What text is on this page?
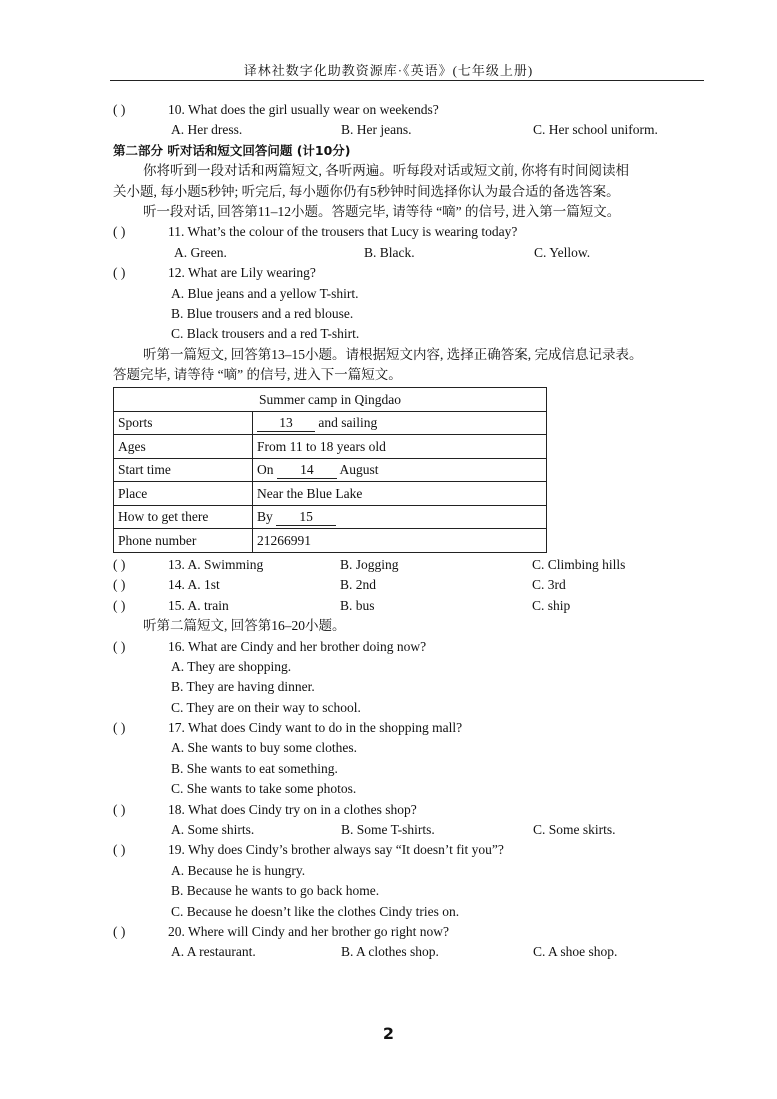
译林社数字化助教资源库·《英语》(七年级上册)
( )	10. What does the girl usually wear on weekends?
A. Her dress.	B. Her jeans.	C. Her school uniform.
第二部分 听对话和短文回答问题 (计10分)
你将听到一段对话和两篇短文, 各听两遍。听每段对话或短文前, 你将有时间阅读相
关小题, 每小题5秒钟; 听完后, 每小题你仍有5秒钟时间选择你认为最合适的备选答案。
听一段对话, 回答第11–12小题。答题完毕, 请等待 “嘀” 的信号, 进入第一篇短文。
( )	11. What’s the colour of the trousers that Lucy is wearing today?
A. Green.	B. Black.	C. Yellow.
( )	12. What are Lily wearing?
A. Blue jeans and a yellow T-shirt.
B. Blue trousers and a red blouse.
C. Black trousers and a red T-shirt.
听第一篇短文, 回答第13–15小题。请根据短文内容, 选择正确答案, 完成信息记录表。
答题完毕, 请等待 “嘀” 的信号, 进入下一篇短文。
Summer camp in Qingdao	
Sports	13 and sailing
Ages	From 11 to 18 years old
Start time	On 14 August
Place	Near the Blue Lake
How to get there	By 15
Phone number	21266991
( )	13. A. Swimming	B. Jogging	C. Climbing hills
( )	14. A. 1st	B. 2nd	C. 3rd
( )	15. A. train	B. bus	C. ship
听第二篇短文, 回答第16–20小题。
( )	16. What are Cindy and her brother doing now?
A. They are shopping.
B. They are having dinner.
C. They are on their way to school.
( )	17. What does Cindy want to do in the shopping mall?
A. She wants to buy some clothes.
B. She wants to eat something.
C. She wants to take some photos.
( )	18. What does Cindy try on in a clothes shop?
A. Some shirts.	B. Some T-shirts.	C. Some skirts.
( )	19. Why does Cindy’s brother always say “It doesn’t fit you”?
A. Because he is hungry.
B. Because he wants to go back home.
C. Because he doesn’t like the clothes Cindy tries on.
( )	20. Where will Cindy and her brother go right now?
A. A restaurant.	B. A clothes shop.	C. A shoe shop.
2
